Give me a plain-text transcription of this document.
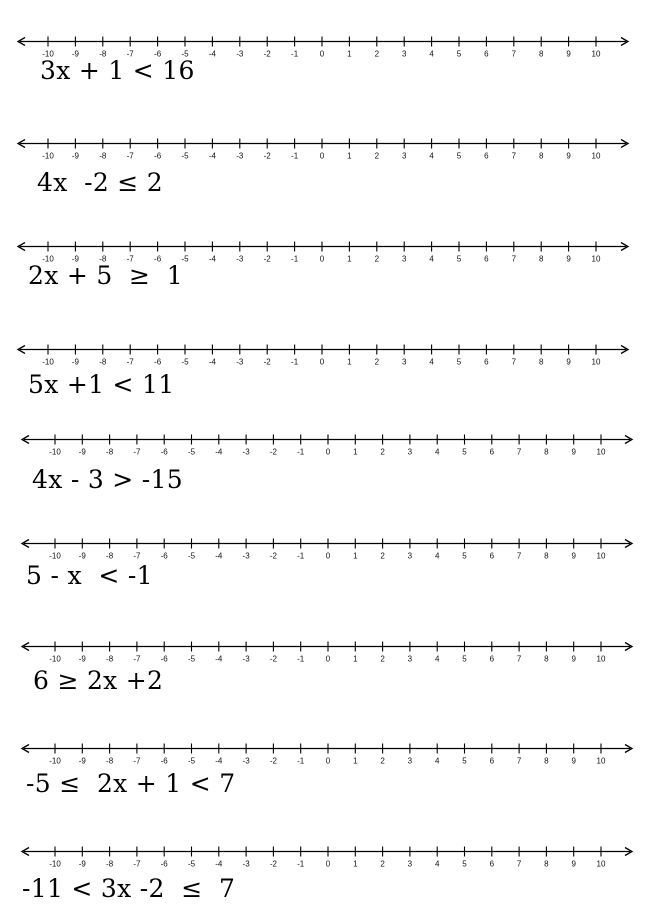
-10 -9	-8	-7	-6	-5	-4	-3	-2	-1	0	1	2	3	4	5	6	7	8	9	10
3x + 1 < 16
-10 -9	-8	-7	-6	-5	-4	-3	-2	-1	0	1	2	3	4	5	6	7	8	9	10
4x  -2 ≤ 2
-10 -9	-8	-7	-6	-5	-4	-3	-2	-1	0	1	2	3	4	5	6	7	8	9	10
2x + 5  ≥  1
-10 -9	-8	-7	-6	-5	-4	-3	-2	-1	0	1	2	3	4	5	6	7	8	9	10
5x +1 < 11
-10 -9	-8	-7	-6	-5	-4	-3	-2	-1	0	1	2	3	4	5	6	7	8	9	10
4x - 3 > -15
-10 -9	-8	-7	-6	-5	-4	-3	-2	-1	0	1	2	3	4	5	6	7	8	9	10
5 - x  < -1
-10 -9	-8	-7	-6	-5	-4	-3	-2	-1	0	1	2	3	4	5	6	7	8	9	10
6 ≥ 2x +2
-10 -9	-8	-7	-6	-5	-4	-3	-2	-1	0	1	2	3	4	5	6	7	8	9	10
-5 ≤  2x + 1 < 7
-10 -9	-8	-7	-6	-5	-4	-3	-2	-1	0	1	2	3	4	5	6	7	8	9	10
-11 < 3x -2  ≤  7
